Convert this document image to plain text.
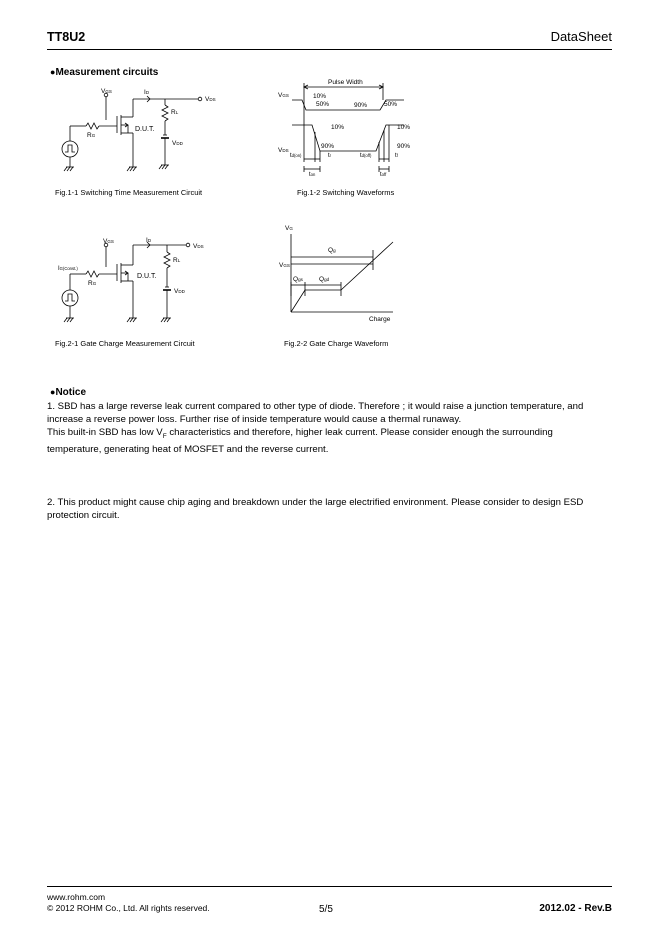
TT8U2	DataSheet
●Measurement circuits
VGS	ID
VDS
RL
RG
D.U.T.
VDD
Fig.1-1 Switching Time Measurement Circuit
Pulse Width
VGS
VDS
10%
50%	90%	50%
10%	10%
90%	90%
td(on)	tr	td(off)	tf
ton	toff
Fig.1-2 Switching Waveforms
VGS	ID
VDS
RL
IG(Const.)
RG
D.U.T.
VDD
Fig.2-1 Gate Charge Measurement Circuit
VG
VGS
Qg
Qgs Qgd
Charge
Fig.2-2 Gate Charge Waveform
●Notice

1. SBD has a large reverse leak current compared to other type of diode. Therefore ; it would raise a junction temperature, and increase a reverse power loss. Further rise of inside temperature would cause a thermal runaway.

This built-in SBD has low $V_F$ characteristics and therefore, higher leak current. Please consider enough the surrounding temperature, generating heat of MOSFET and the reverse current.

2. This product might cause chip aging and breakdown under the large electrified environment. Please consider to design ESD protection circuit.

www.rohm.com
© 2012 ROHM Co., Ltd. All rights reserved.	5/5	2012.02 - Rev.B
